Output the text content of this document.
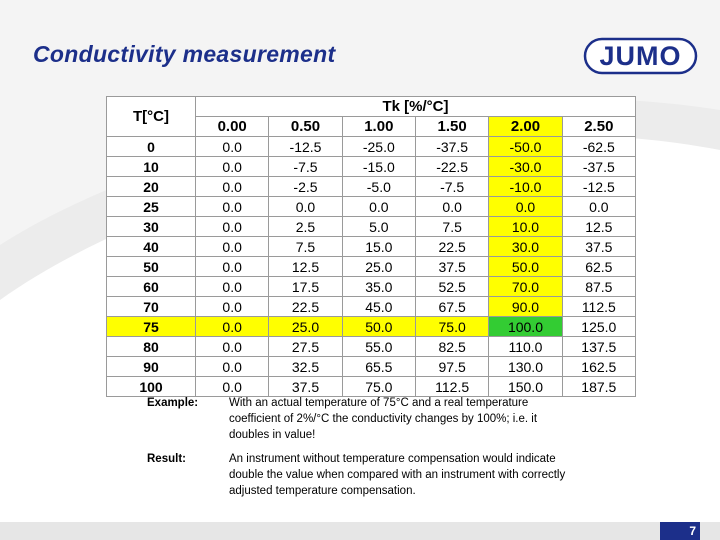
Conductivity measurement	JUMO
T[°C]	Tk [%/°C]					
	0.00	0.50	1.00	1.50	2.00	2.50
0	0.0	-12.5	-25.0	-37.5	-50.0	-62.5
10	0.0	-7.5	-15.0	-22.5	-30.0	-37.5
20	0.0	-2.5	-5.0	-7.5	-10.0	-12.5
25	0.0	0.0	0.0	0.0	0.0	0.0
30	0.0	2.5	5.0	7.5	10.0	12.5
40	0.0	7.5	15.0	22.5	30.0	37.5
50	0.0	12.5	25.0	37.5	50.0	62.5
60	0.0	17.5	35.0	52.5	70.0	87.5
70	0.0	22.5	45.0	67.5	90.0	112.5
75	0.0	25.0	50.0	75.0	100.0	125.0
80	0.0	27.5	55.0	82.5	110.0	137.5
90	0.0	32.5	65.5	97.5	130.0	162.5
100	0.0	37.5	75.0	112.5	150.0	187.5
Example:	With an actual temperature of 75°C and a real temperature coefficient of 2%/°C the conductivity changes by 100%; i.e. it doubles in value!
Result:	An instrument without temperature compensation would indicate double the value when compared with an instrument with correctly adjusted temperature compensation.
7
